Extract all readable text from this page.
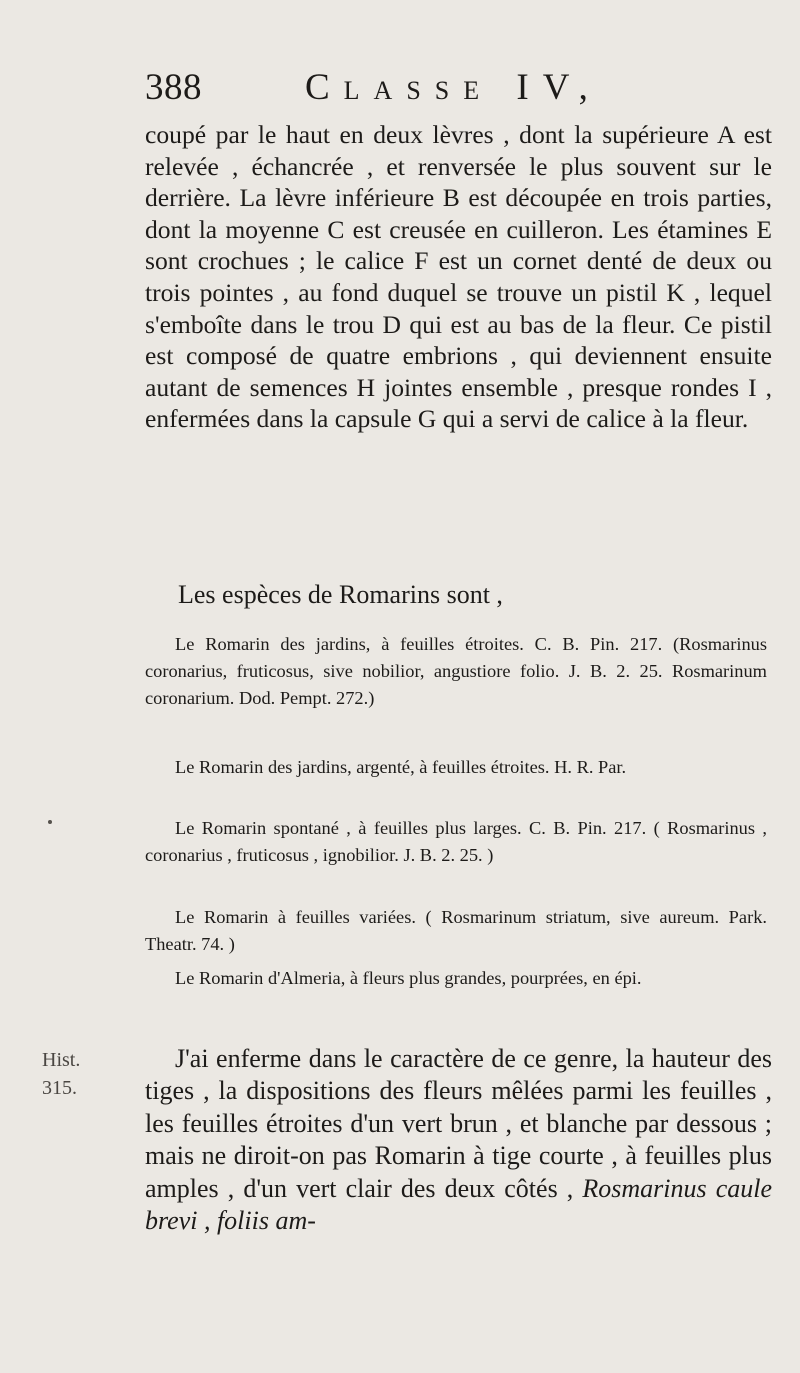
388	Classe IV,
coupé par le haut en deux lèvres , dont la supérieure A est relevée , échancrée , et renversée le plus souvent sur le derrière. La lèvre inférieure B est découpée en trois parties, dont la moyenne C est creusée en cuilleron. Les étamines E sont crochues ; le calice F est un cornet denté de deux ou trois pointes , au fond duquel se trouve un pistil K , lequel s'emboîte dans le trou D qui est au bas de la fleur. Ce pistil est composé de quatre embrions , qui deviennent ensuite autant de semences H jointes ensemble , presque rondes I , enfermées dans la capsule G qui a servi de calice à la fleur.
Les espèces de Romarins sont ,

Le Romarin des jardins, à feuilles étroites. C. B. Pin. 217. (Rosmarinus coronarius, fruticosus, sive nobilior, angustiore folio. J. B. 2. 25. Rosmarinum coronarium. Dod. Pempt. 272.)

Le Romarin des jardins, argenté, à feuilles étroites. H. R. Par.

Le Romarin spontané , à feuilles plus larges. C. B. Pin. 217. ( Rosmarinus , coronarius , fruticosus , ignobilior. J. B. 2. 25. )

Le Romarin à feuilles variées. ( Rosmarinum striatum, sive aureum. Park. Theatr. 74. )

Le Romarin d'Almeria, à fleurs plus grandes, pourprées, en épi.

Hist.
315.

J'ai enferme dans le caractère de ce genre, la hauteur des tiges , la dispositions des fleurs mêlées parmi les feuilles , les feuilles étroites d'un vert brun , et blanche par dessous ; mais ne diroit-on pas Romarin à tige courte , à feuilles plus amples , d'un vert clair des deux côtés , Rosmarinus caule brevi , foliis am-
